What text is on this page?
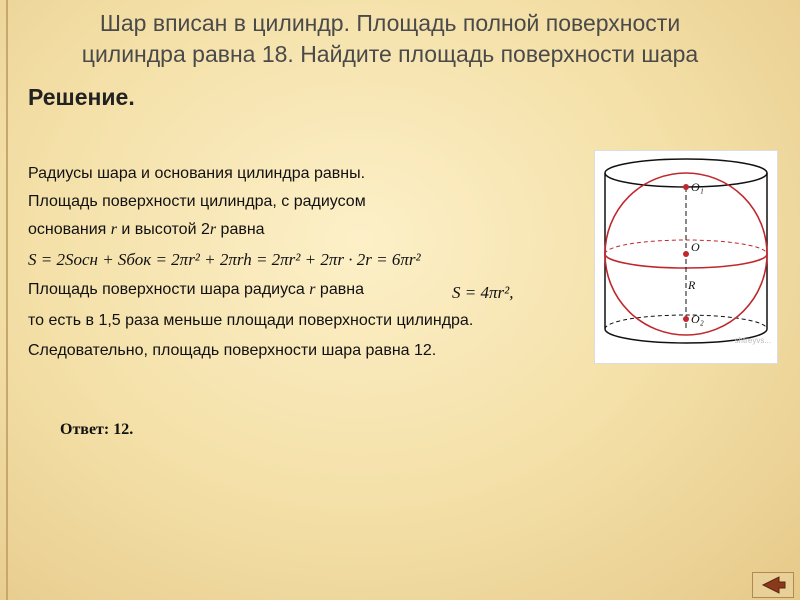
Шар вписан в цилиндр. Площадь полной поверхности
цилиндра равна 18. Найдите площадь поверхности шара
Решение.
Радиусы шара и основания цилиндра равны.
Площадь поверхности цилиндра, с радиусом
основания r и высотой 2r равна
S = 2Sосн + Sбок = 2πr² + 2πrh = 2πr² + 2πr · 2r = 6πr²
Площадь поверхности шара радиуса r равна	S = 4πr²,
то есть в 1,5 раза меньше площади поверхности цилиндра.
Следовательно, площадь поверхности шара равна 12.
Ответ: 12.
O₁
O
R
O₂
shtreyvs...
